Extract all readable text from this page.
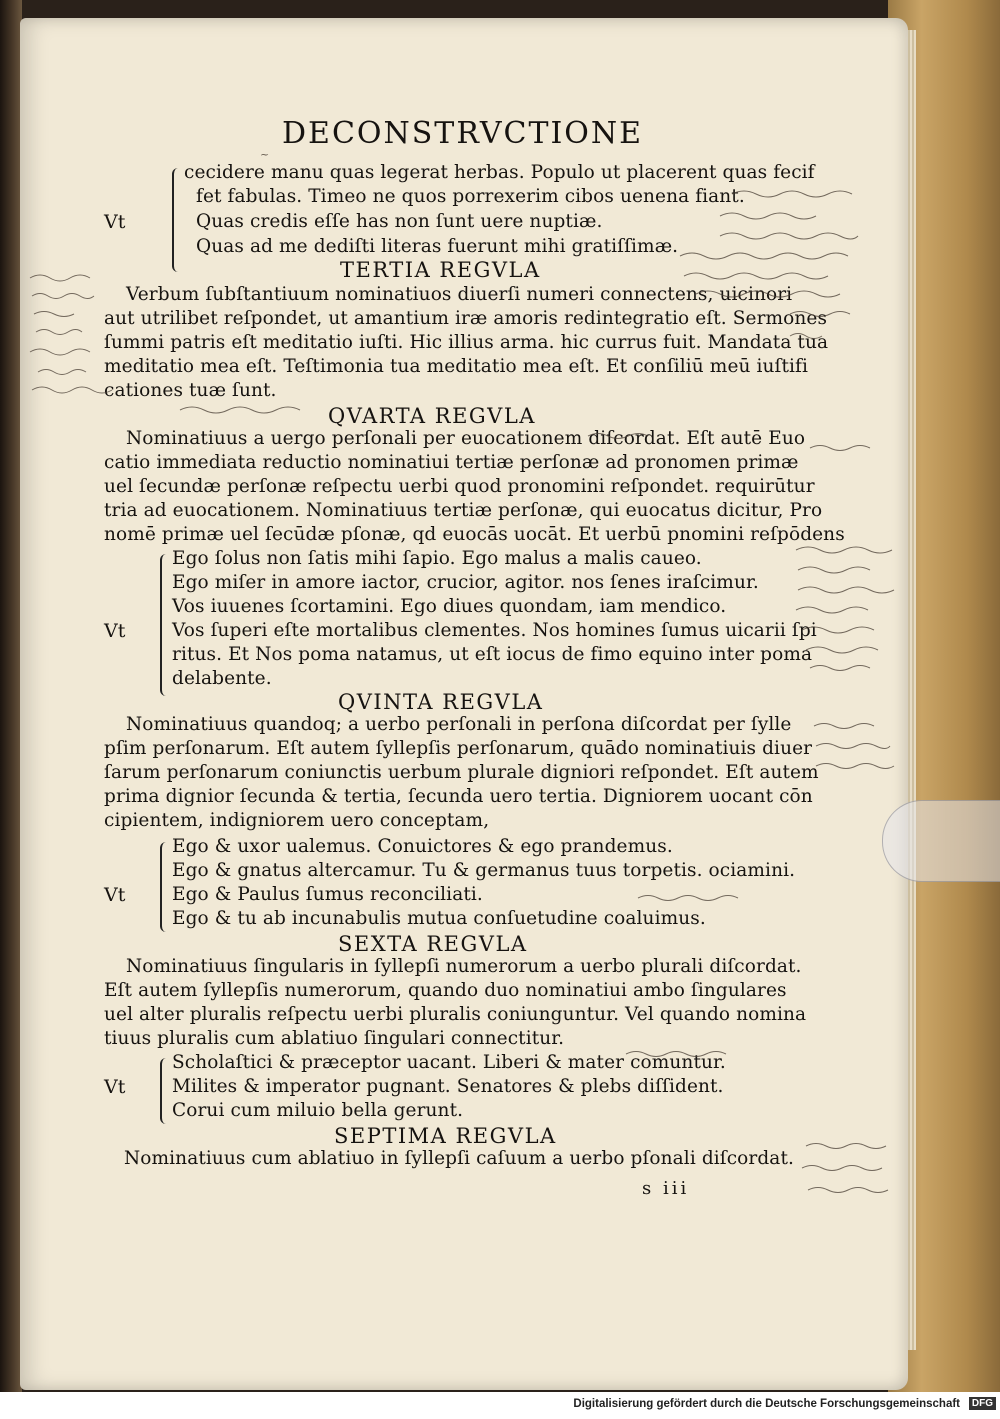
DECONSTRVCTIONE
~
cecidere manu quas legerat herbas. Populo ut placerent quas fecif
fet fabulas. Timeo ne quos porrexerim cibos uenena fiant.
Vt	Quas credis eſſe has non ſunt uere nuptiæ.
Quas ad me dediſti literas fuerunt mihi gratiſſimæ.
TERTIA REGVLA
Verbum ſubſtantiuum nominatiuos diuerſi numeri connectens, uicinori
aut utrilibet reſpondet, ut amantium iræ amoris redintegratio eſt. Sermones
ſummi patris eſt meditatio iuſti. Hic illius arma. hic currus fuit. Mandata tua
meditatio mea eſt. Teſtimonia tua meditatio mea eſt. Et conſiliū meū iuſtifi
cationes tuæ ſunt.
QVARTA REGVLA
Nominatiuus a uergo perſonali per euocationem diſcordat. Eſt autē Euo
catio immediata reductio nominatiui tertiæ perſonæ ad pronomen primæ
uel ſecundæ perſonæ reſpectu uerbi quod pronomini reſpondet. requirūtur
tria ad euocationem. Nominatiuus tertiæ perſonæ, qui euocatus dicitur, Pro
nomē primæ uel ſecūdæ pſonæ, qd euocās uocāt. Et uerbū pnomini reſpōdens
Ego ſolus non ſatis mihi ſapio. Ego malus a malis caueo.
Ego miſer in amore iactor, crucior, agitor. nos ſenes iraſcimur.
Vos iuuenes ſcortamini. Ego diues quondam, iam mendico.
Vt	Vos ſuperi eſte mortalibus clementes. Nos homines ſumus uicarii ſpi
ritus. Et Nos poma natamus, ut eſt iocus de fimo equino inter poma
delabente.
QVINTA REGVLA
Nominatiuus quandoq; a uerbo perſonali in perſona diſcordat per ſylle
pſim perſonarum. Eſt autem ſyllepſis perſonarum, quādo nominatiuis diuer
ſarum perſonarum coniunctis uerbum plurale digniori reſpondet. Eſt autem
prima dignior ſecunda & tertia, ſecunda uero tertia. Digniorem uocant cōn
cipientem, indigniorem uero conceptam,
Ego & uxor ualemus. Conuictores & ego prandemus.
Ego & gnatus altercamur. Tu & germanus tuus torpetis. ociamini.
Vt	Ego & Paulus ſumus reconciliati.
Ego & tu ab incunabulis mutua conſuetudine coaluimus.
SEXTA REGVLA
Nominatiuus ſingularis in ſyllepſi numerorum a uerbo plurali diſcordat.
Eſt autem ſyllepſis numerorum, quando duo nominatiui ambo ſingulares
uel alter pluralis reſpectu uerbi pluralis coniunguntur. Vel quando nomina
tiuus pluralis cum ablatiuo ſingulari connectitur.
Scholaſtici & præceptor uacant. Liberi & mater comuntur.
Vt	Milites & imperator pugnant. Senatores & plebs diſſident.
Corui cum miluio bella gerunt.
SEPTIMA REGVLA
Nominatiuus cum ablatiuo in ſyllepſi caſuum a uerbo pſonali diſcordat.
s iii
Digitalisierung gefördert durch die Deutsche Forschungsgemeinschaft	DFG
